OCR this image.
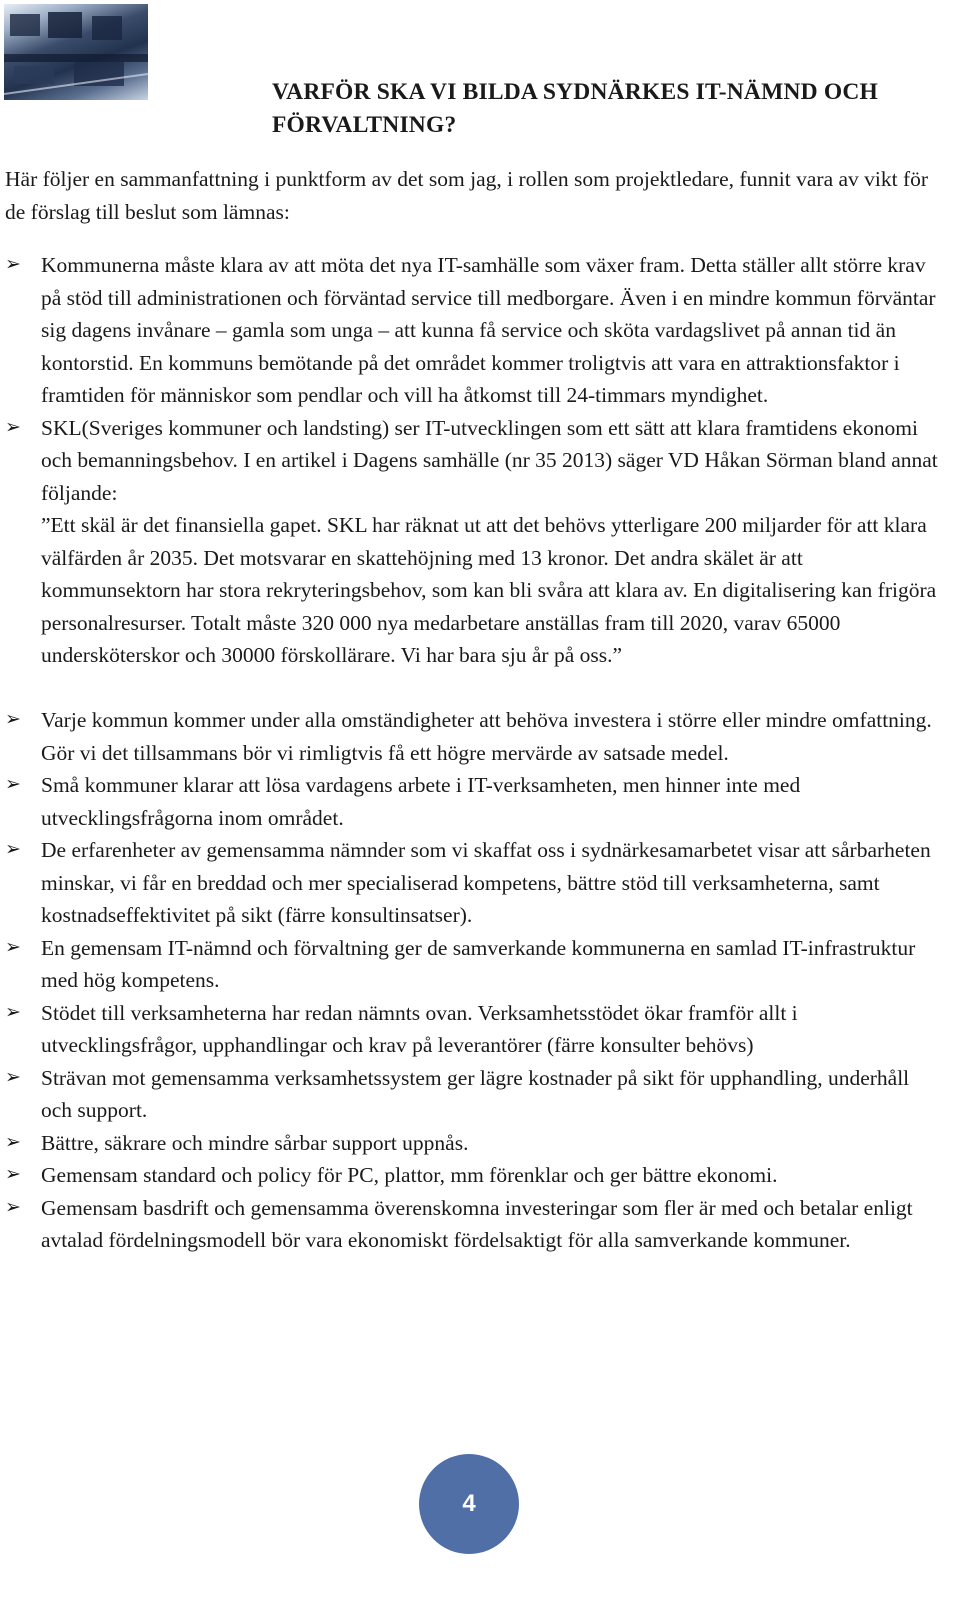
VARFÖR SKA VI BILDA SYDNÄRKES IT-NÄMND OCH
FÖRVALTNING?
Här följer en sammanfattning i punktform av det som jag, i rollen som projektledare, funnit vara av vikt för de förslag till beslut som lämnas:
➢ Kommunerna måste klara av att möta det nya IT-samhälle som växer fram. Detta ställer allt större krav på stöd till administrationen och förväntad service till medborgare. Även i en mindre kommun förväntar sig dagens invånare – gamla som unga – att kunna få service och sköta vardagslivet på annan tid än kontorstid. En kommuns bemötande på det området kommer troligtvis att vara en attraktionsfaktor i framtiden för människor som pendlar och vill ha åtkomst till 24-timmars myndighet.
➢ SKL(Sveriges kommuner och landsting) ser IT-utvecklingen som ett sätt att klara framtidens ekonomi och bemanningsbehov. I en artikel i Dagens samhälle (nr 35 2013) säger VD Håkan Sörman bland annat följande:
”Ett skäl är det finansiella gapet. SKL har räknat ut att det behövs ytterligare 200 miljarder för att klara välfärden år 2035. Det motsvarar en skattehöjning med 13 kronor. Det andra skälet är att kommunsektorn har stora rekryteringsbehov, som kan bli svåra att klara av. En digitalisering kan frigöra personalresurser. Totalt måste 320 000 nya medarbetare anställas fram till 2020, varav 65000 undersköterskor och 30000 förskollärare. Vi har bara sju år på oss.”
➢ Varje kommun kommer under alla omständigheter att behöva investera i större eller mindre omfattning. Gör vi det tillsammans bör vi rimligtvis få ett högre mervärde av satsade medel.
➢ Små kommuner klarar att lösa vardagens arbete i IT-verksamheten, men hinner inte med utvecklingsfrågorna inom området.
➢ De erfarenheter av gemensamma nämnder som vi skaffat oss i sydnärkesamarbetet visar att sårbarheten minskar, vi får en breddad och mer specialiserad kompetens, bättre stöd till verksamheterna, samt kostnadseffektivitet på sikt (färre konsultinsatser).
➢ En gemensam IT-nämnd och förvaltning ger de samverkande kommunerna en samlad IT-infrastruktur med hög kompetens.
➢ Stödet till verksamheterna har redan nämnts ovan. Verksamhetsstödet ökar framför allt i utvecklingsfrågor, upphandlingar och krav på leverantörer (färre konsulter behövs)
➢ Strävan mot gemensamma verksamhetssystem ger lägre kostnader på sikt för upphandling, underhåll och support.
➢ Bättre, säkrare och mindre sårbar support uppnås.
➢ Gemensam standard och policy för PC, plattor, mm förenklar och ger bättre ekonomi.
➢ Gemensam basdrift och gemensamma överenskomna investeringar som fler är med och betalar enligt avtalad fördelningsmodell bör vara ekonomiskt fördelsaktigt för alla samverkande kommuner.
4
